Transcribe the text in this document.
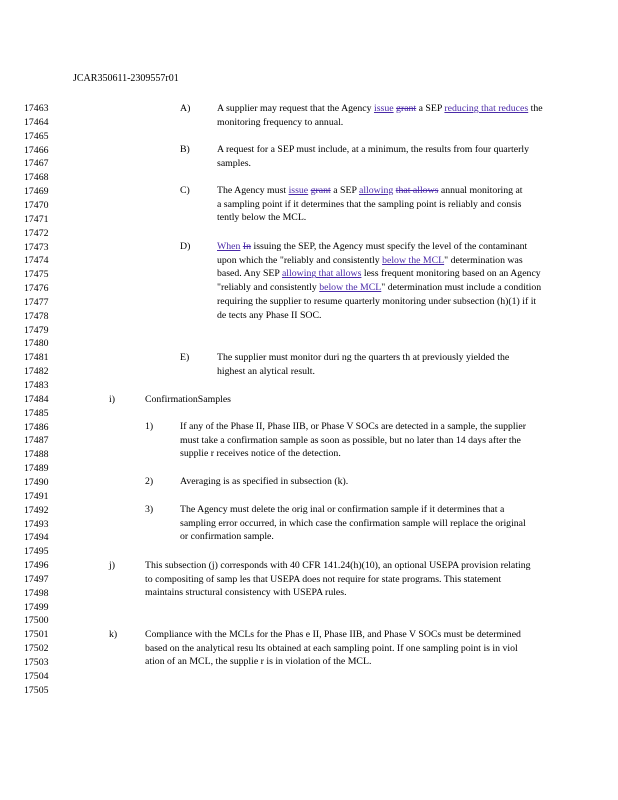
JCAR350611-2309557r01
17463
17464
17465
17466
17467
17468
17469
17470
17471
17472
17473
17474
17475
17476
17477
17478
17479
17480
17481
17482
17483
17484
17485
17486
17487
17488
17489
17490
17491
17492
17493
17494
17495
17496
17497
17498
17499
17500
17501
17502
17503
17504
17505
A)	A supplier may request that the Agency issue grant a SEP reducing that reduces the monitoring frequency to annual.
B)	A request for a SEP must include, at a minimum, the results from four quarterly samples.
C)	The Agency must issue grant a SEP allowing that allows annual monitoring at a sampling point if it determines that the sampling point is reliably and consis tently below the MCL.
D)	When In issuing the SEP, the Agency must specify the level of the contaminant upon which the "reliably and consistently below the MCL" determination was based. Any SEP allowing that allows less frequent monitoring based on an Agency "reliably and consistently below the MCL" determination must include a condition requiring the supplier to resume quarterly monitoring under subsection (h)(1) if it de tects any Phase II SOC.
E)	The supplier must monitor duri ng the quarters th at previously yielded the highest an alytical result.
i)	ConfirmationSamples
1)	If any of the Phase II, Phase IIB, or Phase V SOCs are detected in a sample, the supplier must take a confirmation sample as soon as possible, but no later than 14 days after the supplie r receives notice of the detection.
2)	Averaging is as specified in subsection (k).
3)	The Agency must delete the orig inal or confirmation sample if it determines that a sampling error occurred, in which case the confirmation sample will replace the original or confirmation sample.
j)	This subsection (j) corresponds with 40 CFR 141.24(h)(10), an optional USEPA provision relating to compositing of samp les that USEPA does not require for state programs. This statement maintains structural consistency with USEPA rules.
k)	Compliance with the MCLs for the Phas e II, Phase IIB, and Phase V SOCs must be determined based on the analytical resu lts obtained at each sampling point. If one sampling point is in viol ation of an MCL, the supplie r is in violation of the MCL.
